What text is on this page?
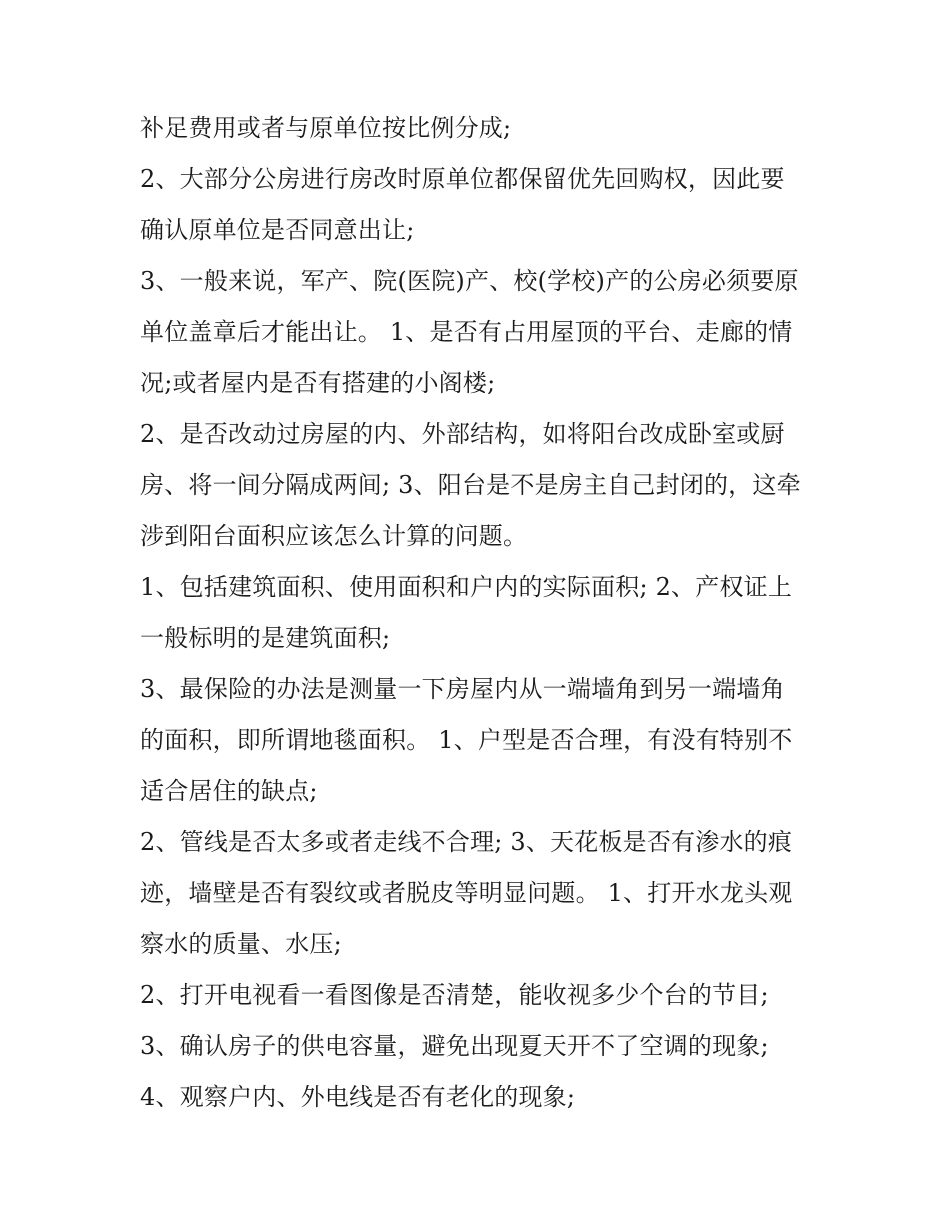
补足费用或者与原单位按比例分成;
2、大部分公房进行房改时原单位都保留优先回购权，因此要
确认原单位是否同意出让;
3、一般来说，军产、院(医院)产、校(学校)产的公房必须要原
单位盖章后才能出让。 1、是否有占用屋顶的平台、走廊的情
况;或者屋内是否有搭建的小阁楼;
2、是否改动过房屋的内、外部结构，如将阳台改成卧室或厨
房、将一间分隔成两间; 3、阳台是不是房主自己封闭的，这牵
涉到阳台面积应该怎么计算的问题。
1、包括建筑面积、使用面积和户内的实际面积; 2、产权证上
一般标明的是建筑面积;
3、最保险的办法是测量一下房屋内从一端墙角到另一端墙角
的面积，即所谓地毯面积。 1、户型是否合理，有没有特别不
适合居住的缺点;
2、管线是否太多或者走线不合理; 3、天花板是否有渗水的痕
迹，墙壁是否有裂纹或者脱皮等明显问题。 1、打开水龙头观
察水的质量、水压;
2、打开电视看一看图像是否清楚，能收视多少个台的节目;
3、确认房子的供电容量，避免出现夏天开不了空调的现象;
4、观察户内、外电线是否有老化的现象;
